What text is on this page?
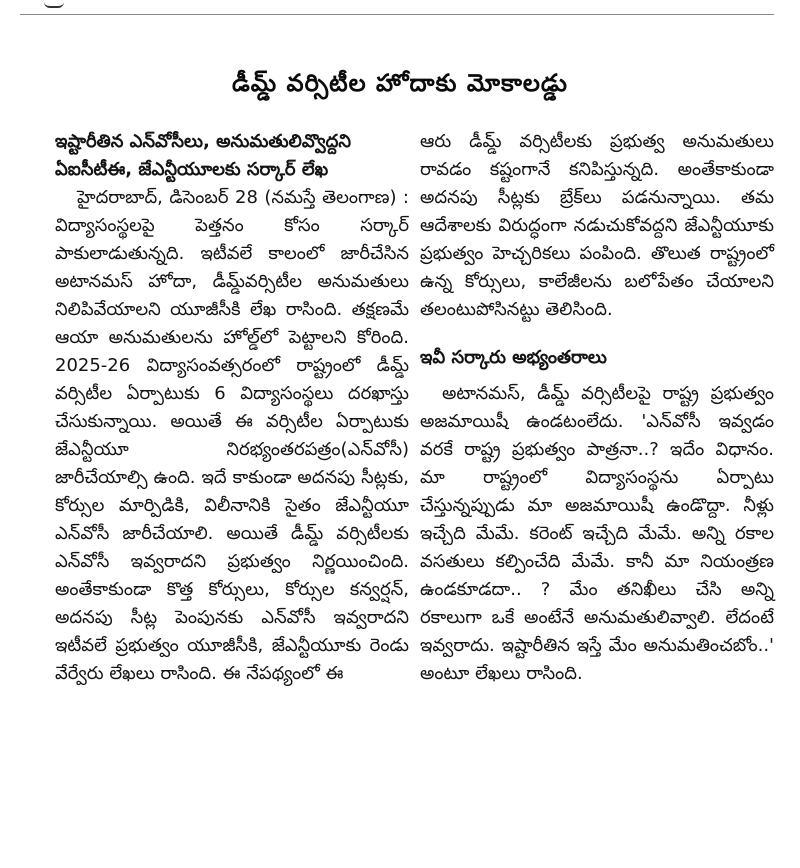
డీమ్డ్ వర్సిటీల హోదాకు మోకాలడ్డు

ఇష్టారీతిన ఎన్‌వోసీలు, అనుమతులివ్వొద్దని

ఏఐసీటీఈ, జేఎన్టీయూలకు సర్కార్ లేఖ

హైదరాబాద్, డిసెంబర్ 28 (నమస్తే తెలంగాణ) : విద్యాసంస్థలపై పెత్తనం కోసం సర్కార్ పాకులాడుతున్నది. ఇటీవలే కాలంలో జారీచేసిన అటానమస్ హోదా, డీమ్డ్‌వర్సిటీల అనుమతులు నిలిపివేయాలని యూజీసీకి లేఖ రాసింది. తక్షణమే ఆయా అనుమతులను హోల్డ్‌లో పెట్టాలని కోరింది. 2025-26 విద్యాసంవత్సరంలో రాష్ట్రంలో డీమ్డ్ వర్సిటీల ఏర్పాటుకు 6 విద్యాసంస్థలు దరఖాస్తు చేసుకున్నాయి. అయితే ఈ వర్సిటీల ఏర్పాటుకు జేఎన్టీయూ నిరభ్యంతరపత్రం(ఎన్‌వోసీ) జారీచేయాల్సి ఉంది. ఇదే కాకుండా అదనపు సీట్లకు, కోర్సుల మార్పిడికి, విలీనానికి సైతం జేఎన్టీయూ ఎన్‌వోసీ జారీచేయాలి. అయితే డీమ్డ్ వర్సిటీలకు ఎన్‌వోసీ ఇవ్వరాదని ప్రభుత్వం నిర్ణయించింది. అంతేకాకుండా కొత్త కోర్సులు, కోర్సుల కన్వర్షన్, అదనపు సీట్ల పెంపునకు ఎన్‌వోసీ ఇవ్వరాదని ఇటీవలే ప్రభుత్వం యూజీసీకి, జేఎన్టీయూకు రెండు వేర్వేరు లేఖలు రాసింది. ఈ నేపథ్యంలో ఈ

ఆరు డీమ్డ్ వర్సిటీలకు ప్రభుత్వ అనుమతులు రావడం కష్టంగానే కనిపిస్తున్నది. అంతేకాకుండా అదనపు సీట్లకు బ్రేక్‌లు పడనున్నాయి. తమ ఆదేశాలకు విరుద్ధంగా నడుచుకోవద్దని జేఎన్టీయూకు ప్రభుత్వం హెచ్చరికలు పంపింది. తొలుత రాష్ట్రంలో ఉన్న కోర్సులు, కాలేజీలను బలోపేతం చేయాలని తలంటుపోసినట్టు తెలిసింది.

ఇవీ సర్కారు అభ్యంతరాలు

అటానమస్, డీమ్డ్ వర్సిటీలపై రాష్ట్ర ప్రభుత్వం అజమాయిషీ ఉండటంలేదు. 'ఎన్‌వోసీ ఇవ్వడం వరకే రాష్ట్ర ప్రభుత్వం పాత్రనా..? ఇదేం విధానం. మా రాష్ట్రంలో విద్యాసంస్థను ఏర్పాటు చేస్తున్నప్పుడు మా అజమాయిషీ ఉండొద్దా. నీళ్లు ఇచ్చేది మేమే. కరెంట్ ఇచ్చేది మేమే. అన్ని రకాల వసతులు కల్పించేది మేమే. కానీ మా నియంత్రణ ఉండకూడదా.. ? మేం తనిఖీలు చేసి అన్ని రకాలుగా ఒకే అంటేనే అనుమతులివ్వాలి. లేదంటే ఇవ్వరాదు. ఇష్టారీతిన ఇస్తే మేం అనుమతించబోం..' అంటూ లేఖలు రాసింది.
